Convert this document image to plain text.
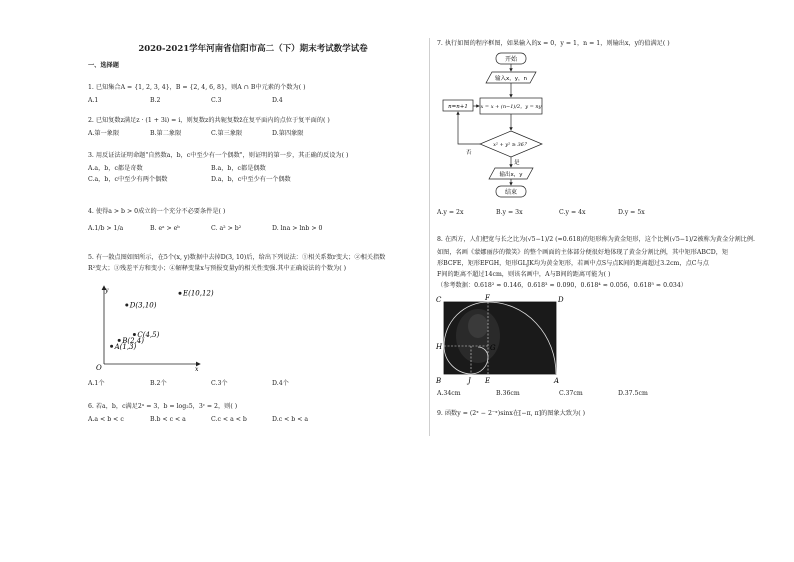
2020-2021学年河南省信阳市高二（下）期末考试数学试卷
一、选择题
1. 已知集合A = {1, 2, 3, 4}，B = {2, 4, 6, 8}，则A ∩ B中元素的个数为( )
A.1	B.2	C.3	D.4
2. 已知复数z满足z · (1 + 3i) = i，则复数z的共轭复数z̄在复平面内的点位于复平面的( )
A.第一象限	B.第二象限	C.第三象限	D.第四象限
3. 用反证法证明命题"自然数a，b，c中至少有一个偶数"，则证明的第一步，其正确的反设为( )
A.a，b，c都是奇数	B.a，b，c都是偶数
C.a，b，c中至少有两个偶数	D.a，b，c中至少有一个偶数
4. 使得a > b > 0成立的一个充分不必要条件是( )
A.1/b > 1/a	B. eᵃ > eᵇ	C. a² > b²	D. lna > lnb > 0
5. 有一散点图如图所示，在5个(x, y)数据中去掉D(3, 10)后，给出下列说法：①相关系数r变大；②相关指数
R²变大；③残差平方和变小；④解释变量x与预报变量y的相关性变强.其中正确说法的个数为( )
O	x
y
A(1,3)
B(2,4)
C(4,5)
D(3,10)
E(10,12)
A.1个	B.2个	C.3个	D.4个
6. 若a，b，c满足2ᵃ = 3，b = log₂5，3ᶜ = 2，则( )
A.a < b < c	B.b < c < a	C.c < a < b	D.c < b < a
7. 执行如图的程序框图，如果输入的x = 0，y = 1，n = 1，则输出x，y的值满足( )
开始
输入x，y，n
x = x + (n−1)/2，y = ny
n=n+1
x² + y² ≥ 36？
否
是
输出x，y
结束
A.y = 2x	B.y = 3x	C.y = 4x	D.y = 5x
8. 在西方，人们把宽与长之比为(√5−1)/2 (≈0.618)的矩形称为黄金矩形，这个比例(√5−1)/2被称为黄金分割比例.
如图，名画《蒙娜丽莎的微笑》的整个画面的主体部分便很好地体现了黄金分割比例，其中矩形ABCD，矩
形BCFE，矩形EFGH，矩形GLJK均为黄金矩形，若画中点S与点K间的距离超过3.2cm，点C与点
F间的距离不超过14cm，则该名画中，A与B间的距离可能为( )
（参考数据：0.618² ≈ 0.146，0.618³ ≈ 0.090，0.618⁴ ≈ 0.056，0.618⁵ ≈ 0.034）
C	F	D
H	G
B	J E	A
A.34cm	B.36cm	C.37cm	D.37.5cm
9. 函数y = (2ˣ − 2⁻ˣ)sinx在[−π, π]的图象大致为( )
